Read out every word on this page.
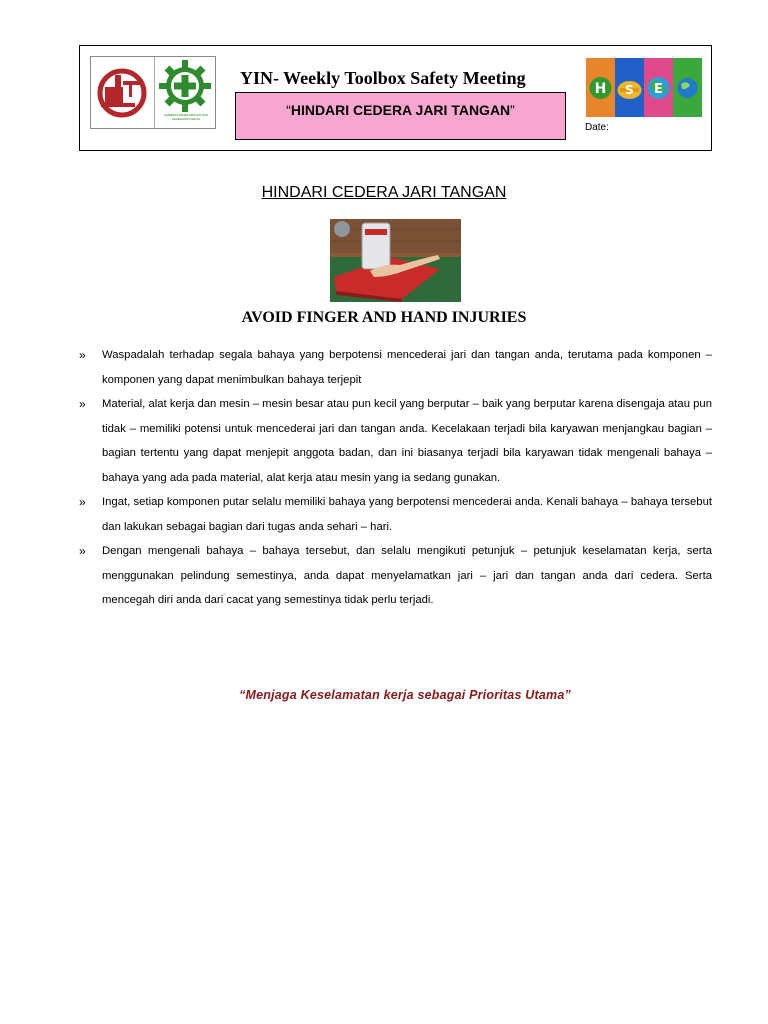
LEMBAGA KESELAMATAN DAN KESEHATAN KERJA
YIN- Weekly Toolbox Safety Meeting
“HINDARI CEDERA JARI TANGAN”
Date:
H S E
HINDARI CEDERA JARI TANGAN
AVOID FINGER AND HAND INJURIES
» Waspadalah terhadap segala bahaya yang berpotensi mencederai jari dan tangan anda, terutama pada komponen – komponen yang dapat menimbulkan bahaya terjepit
» Material, alat kerja dan mesin – mesin besar atau pun kecil yang berputar – baik yang berputar karena disengaja atau pun tidak – memiliki potensi untuk mencederai jari dan tangan anda. Kecelakaan terjadi bila karyawan menjangkau bagian – bagian tertentu yang dapat menjepit anggota badan, dan ini biasanya terjadi bila karyawan tidak mengenali bahaya – bahaya yang ada pada material, alat kerja atau mesin yang ia sedang gunakan.
» Ingat, setiap komponen putar selalu memiliki bahaya yang berpotensi mencederai anda. Kenali bahaya – bahaya tersebut dan lakukan sebagai bagian dari tugas anda sehari – hari.
» Dengan mengenali bahaya – bahaya tersebut, dan selalu mengikuti petunjuk – petunjuk keselamatan kerja, serta menggunakan pelindung semestinya, anda dapat menyelamatkan jari – jari dan tangan anda dari cedera. Serta mencegah diri anda dari cacat yang semestinya tidak perlu terjadi.
“Menjaga Keselamatan kerja sebagai Prioritas Utama”
